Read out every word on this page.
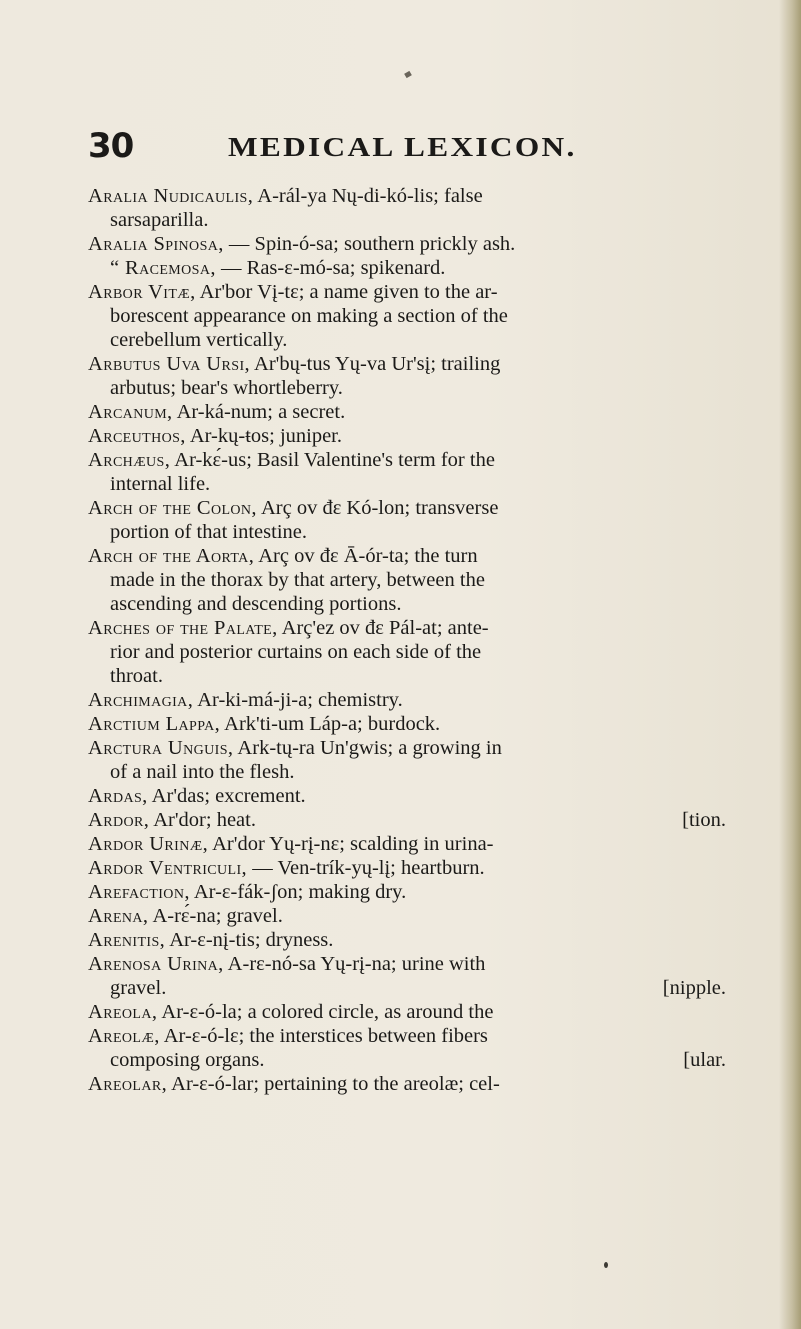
30	MEDICAL LEXICON.
Aralia Nudicaulis, A-rál-ya Nų-di-kó-lis; false
sarsaparilla.
Aralia Spinosa, — Spin-ó-sa; southern prickly ash.
“ Racemosa, — Ras-ɛ-mó-sa; spikenard.
Arbor Vitæ, Ar'bor Vį-tɛ; a name given to the ar-
borescent appearance on making a section of the
cerebellum vertically.
Arbutus Uva Ursi, Ar'bų-tus Yų-va Ur'sį; trailing
arbutus; bear's whortleberry.
Arcanum, Ar-ká-num; a secret.
Arceuthos, Ar-kų-ŧos; juniper.
Archæus, Ar-kɛ́-us; Basil Valentine's term for the
internal life.
Arch of the Colon, Arç ov đɛ Kó-lon; transverse
portion of that intestine.
Arch of the Aorta, Arç ov đɛ Ā-ór-ta; the turn
made in the thorax by that artery, between the
ascending and descending portions.
Arches of the Palate, Arç'ez ov đɛ Pál-at; ante-
rior and posterior curtains on each side of the
throat.
Archimagia, Ar-ki-má-ji-a; chemistry.
Arctium Lappa, Ark'ti-um Láp-a; burdock.
Arctura Unguis, Ark-tų-ra Un'gwis; a growing in
of a nail into the flesh.
Ardas, Ar'das; excrement.
Ardor, Ar'dor; heat.	[tion.
Ardor Urinæ, Ar'dor Yų-rį-nɛ; scalding in urina-
Ardor Ventriculi, — Ven-trík-yų-lį; heartburn.
Arefaction, Ar-ɛ-fák-ʃon; making dry.
Arena, A-rɛ́-na; gravel.
Arenitis, Ar-ɛ-nį-tis; dryness.
Arenosa Urina, A-rɛ-nó-sa Yų-rį-na; urine with
gravel.	[nipple.
Areola, Ar-ɛ-ó-la; a colored circle, as around the
Areolæ, Ar-ɛ-ó-lɛ; the interstices between fibers
composing organs.	[ular.
Areolar, Ar-ɛ-ó-lar; pertaining to the areolæ; cel-
